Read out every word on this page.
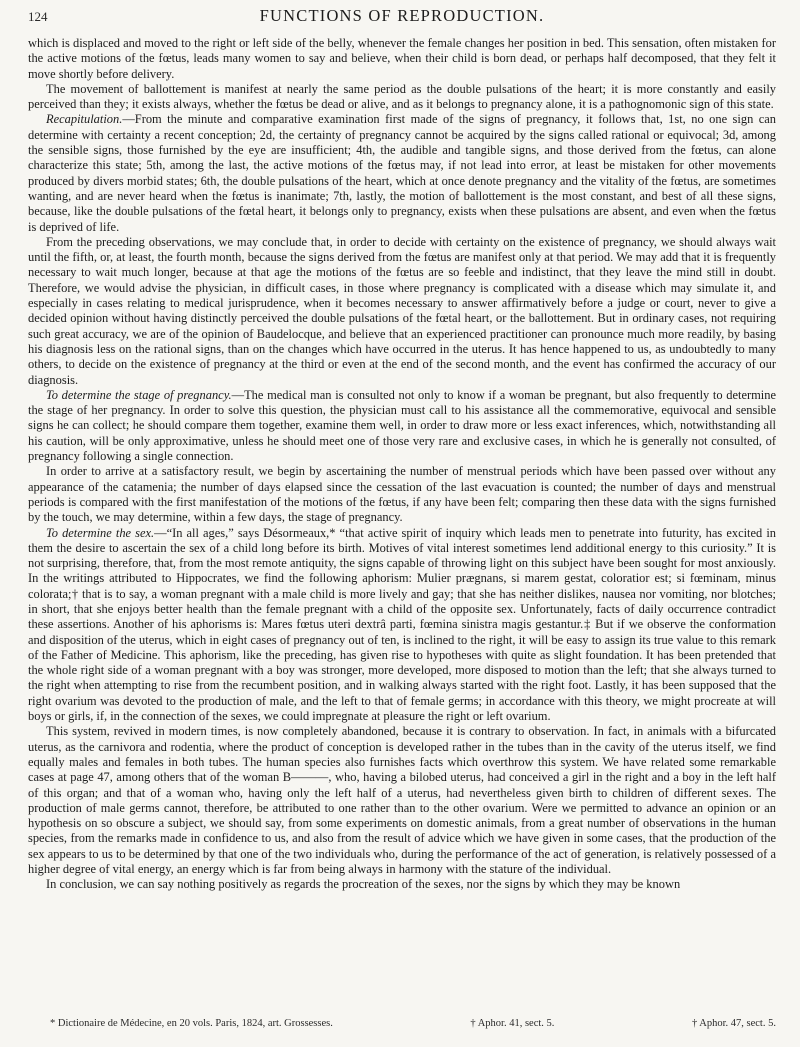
124	FUNCTIONS OF REPRODUCTION.

which is displaced and moved to the right or left side of the belly, whenever the female changes her position in bed. This sensation, often mistaken for the active motions of the fœtus, leads many women to say and believe, when their child is born dead, or perhaps half decomposed, that they felt it move shortly before delivery.

The movement of ballottement is manifest at nearly the same period as the double pulsations of the heart; it is more constantly and easily perceived than they; it exists always, whether the fœtus be dead or alive, and as it belongs to pregnancy alone, it is a pathognomonic sign of this state.

Recapitulation.—From the minute and comparative examination first made of the signs of pregnancy, it follows that, 1st, no one sign can determine with certainty a recent conception; 2d, the certainty of pregnancy cannot be acquired by the signs called rational or equivocal; 3d, among the sensible signs, those furnished by the eye are insufficient; 4th, the audible and tangible signs, and those derived from the fœtus, can alone characterize this state; 5th, among the last, the active motions of the fœtus may, if not lead into error, at least be mistaken for other movements produced by divers morbid states; 6th, the double pulsations of the heart, which at once denote pregnancy and the vitality of the fœtus, are sometimes wanting, and are never heard when the fœtus is inanimate; 7th, lastly, the motion of ballottement is the most constant, and best of all these signs, because, like the double pulsations of the fœtal heart, it belongs only to pregnancy, exists when these pulsations are absent, and even when the fœtus is deprived of life.

From the preceding observations, we may conclude that, in order to decide with certainty on the existence of pregnancy, we should always wait until the fifth, or, at least, the fourth month, because the signs derived from the fœtus are manifest only at that period. We may add that it is frequently necessary to wait much longer, because at that age the motions of the fœtus are so feeble and indistinct, that they leave the mind still in doubt. Therefore, we would advise the physician, in difficult cases, in those where pregnancy is complicated with a disease which may simulate it, and especially in cases relating to medical jurisprudence, when it becomes necessary to answer affirmatively before a judge or court, never to give a decided opinion without having distinctly perceived the double pulsations of the fœtal heart, or the ballottement. But in ordinary cases, not requiring such great accuracy, we are of the opinion of Baudelocque, and believe that an experienced practitioner can pronounce much more readily, by basing his diagnosis less on the rational signs, than on the changes which have occurred in the uterus. It has hence happened to us, as undoubtedly to many others, to decide on the existence of pregnancy at the third or even at the end of the second month, and the event has confirmed the accuracy of our diagnosis.

To determine the stage of pregnancy.—The medical man is consulted not only to know if a woman be pregnant, but also frequently to determine the stage of her pregnancy. In order to solve this question, the physician must call to his assistance all the commemorative, equivocal and sensible signs he can collect; he should compare them together, examine them well, in order to draw more or less exact inferences, which, notwithstanding all his caution, will be only approximative, unless he should meet one of those very rare and exclusive cases, in which he is generally not consulted, of pregnancy following a single connection.

In order to arrive at a satisfactory result, we begin by ascertaining the number of menstrual periods which have been passed over without any appearance of the catamenia; the number of days elapsed since the cessation of the last evacuation is counted; the number of days and menstrual periods is compared with the first manifestation of the motions of the fœtus, if any have been felt; comparing then these data with the signs furnished by the touch, we may determine, within a few days, the stage of pregnancy.

To determine the sex.—“In all ages,” says Désormeaux,* “that active spirit of inquiry which leads men to penetrate into futurity, has excited in them the desire to ascertain the sex of a child long before its birth. Motives of vital interest sometimes lend additional energy to this curiosity.” It is not surprising, therefore, that, from the most remote antiquity, the signs capable of throwing light on this subject have been sought for most anxiously. In the writings attributed to Hippocrates, we find the following aphorism: Mulier prægnans, si marem gestat, coloratior est; si fœminam, minus colorata;† that is to say, a woman pregnant with a male child is more lively and gay; that she has neither dislikes, nausea nor vomiting, nor blotches; in short, that she enjoys better health than the female pregnant with a child of the opposite sex. Unfortunately, facts of daily occurrence contradict these assertions. Another of his aphorisms is: Mares fœtus uteri dextrâ parti, fœmina sinistra magis gestantur.‡ But if we observe the conformation and disposition of the uterus, which in eight cases of pregnancy out of ten, is inclined to the right, it will be easy to assign its true value to this remark of the Father of Medicine. This aphorism, like the preceding, has given rise to hypotheses with quite as slight foundation. It has been pretended that the whole right side of a woman pregnant with a boy was stronger, more developed, more disposed to motion than the left; that she always turned to the right when attempting to rise from the recumbent position, and in walking always started with the right foot. Lastly, it has been supposed that the right ovarium was devoted to the production of male, and the left to that of female germs; in accordance with this theory, we might procreate at will boys or girls, if, in the connection of the sexes, we could impregnate at pleasure the right or left ovarium.

This system, revived in modern times, is now completely abandoned, because it is contrary to observation. In fact, in animals with a bifurcated uterus, as the carnivora and rodentia, where the product of conception is developed rather in the tubes than in the cavity of the uterus itself, we find equally males and females in both tubes. The human species also furnishes facts which overthrow this system. We have related some remarkable cases at page 47, among others that of the woman B———, who, having a bilobed uterus, had conceived a girl in the right and a boy in the left half of this organ; and that of a woman who, having only the left half of a uterus, had nevertheless given birth to children of different sexes. The production of male germs cannot, therefore, be attributed to one rather than to the other ovarium. Were we permitted to advance an opinion or an hypothesis on so obscure a subject, we should say, from some experiments on domestic animals, from a great number of observations in the human species, from the remarks made in confidence to us, and also from the result of advice which we have given in some cases, that the production of the sex appears to us to be determined by that one of the two individuals who, during the performance of the act of generation, is relatively possessed of a higher degree of vital energy, an energy which is far from being always in harmony with the stature of the individual.

In conclusion, we can say nothing positively as regards the procreation of the sexes, nor the signs by which they may be known

* Dictionaire de Médecine, en 20 vols. Paris, 1824, art. Grossesses.	† Aphor. 41, sect. 5.	† Aphor. 47, sect. 5.
